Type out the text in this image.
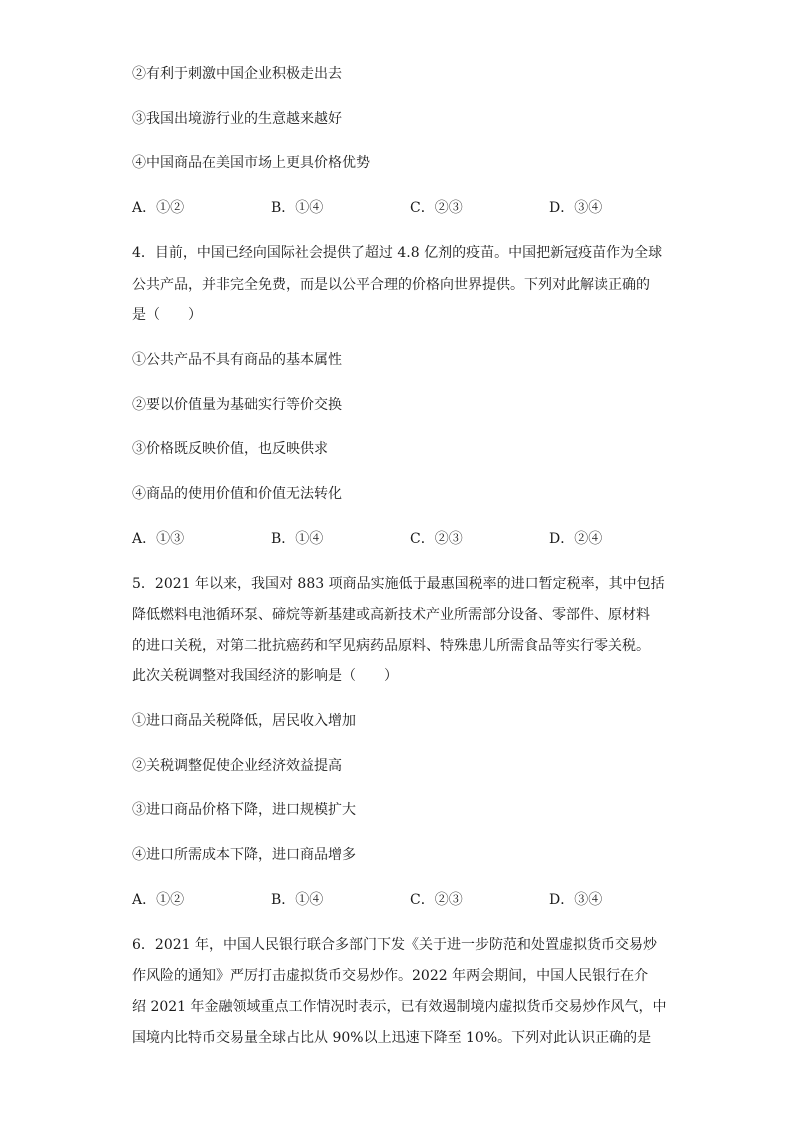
②有利于刺激中国企业积极走出去
③我国出境游行业的生意越来越好
④中国商品在美国市场上更具价格优势
A．①②	B．①④	C．②③	D．③④
4．目前，中国已经向国际社会提供了超过 4.8 亿剂的疫苗。中国把新冠疫苗作为全球
公共产品，并非完全免费，而是以公平合理的价格向世界提供。下列对此解读正确的
是（　　）
①公共产品不具有商品的基本属性
②要以价值量为基础实行等价交换
③价格既反映价值，也反映供求
④商品的使用价值和价值无法转化
A．①③	B．①④	C．②③	D．②④
5．2021 年以来，我国对 883 项商品实施低于最惠国税率的进口暂定税率，其中包括
降低燃料电池循环泵、碲烷等新基建或高新技术产业所需部分设备、零部件、原材料
的进口关税，对第二批抗癌药和罕见病药品原料、特殊患儿所需食品等实行零关税。
此次关税调整对我国经济的影响是（　　）
①进口商品关税降低，居民收入增加
②关税调整促使企业经济效益提高
③进口商品价格下降，进口规模扩大
④进口所需成本下降，进口商品增多
A．①②	B．①④	C．②③	D．③④
6．2021 年，中国人民银行联合多部门下发《关于进一步防范和处置虚拟货币交易炒
作风险的通知》严厉打击虚拟货币交易炒作。2022 年两会期间，中国人民银行在介
绍 2021 年金融领域重点工作情况时表示，已有效遏制境内虚拟货币交易炒作风气，中
国境内比特币交易量全球占比从 90%以上迅速下降至 10%。下列对此认识正确的是
